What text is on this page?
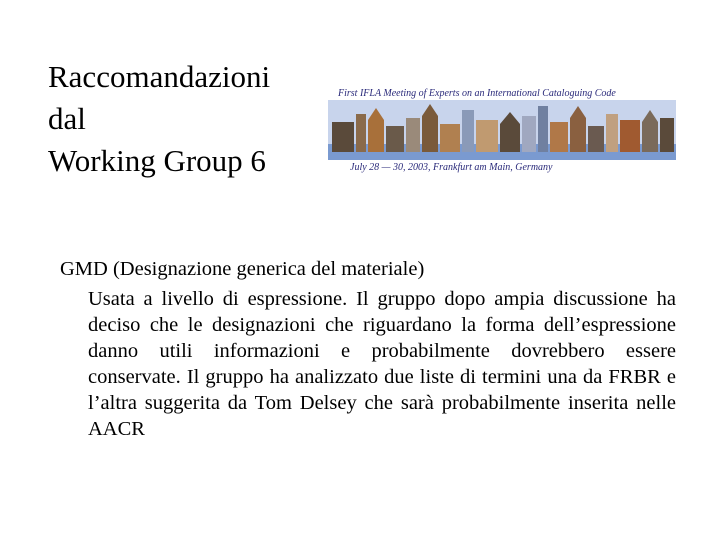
Raccomandazioni
dal
Working Group 6
First IFLA Meeting of Experts on an International Cataloguing Code
July 28 — 30, 2003, Frankfurt am Main, Germany

GMD (Designazione generica del materiale)

Usata a livello di espressione. Il gruppo dopo ampia discussione ha deciso che le designazioni che riguardano la forma dell’espressione danno utili informazioni e probabilmente dovrebbero essere conservate. Il gruppo ha analizzato due liste di termini una da FRBR e l’altra suggerita da Tom Delsey che sarà probabilmente inserita nelle AACR
